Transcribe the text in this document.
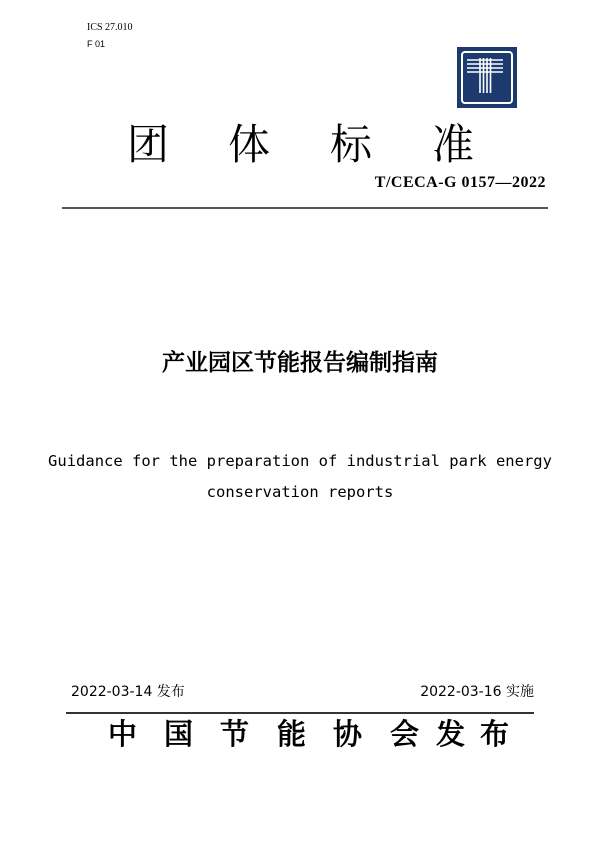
ICS 27.010
F 01
团 体 标 准
T/CECA-G 0157—2022
产业园区节能报告编制指南
Guidance for the preparation of industrial park energy
conservation reports
2022-03-14 发布	2022-03-16 实施
中 国 节 能 协 会 发 布
